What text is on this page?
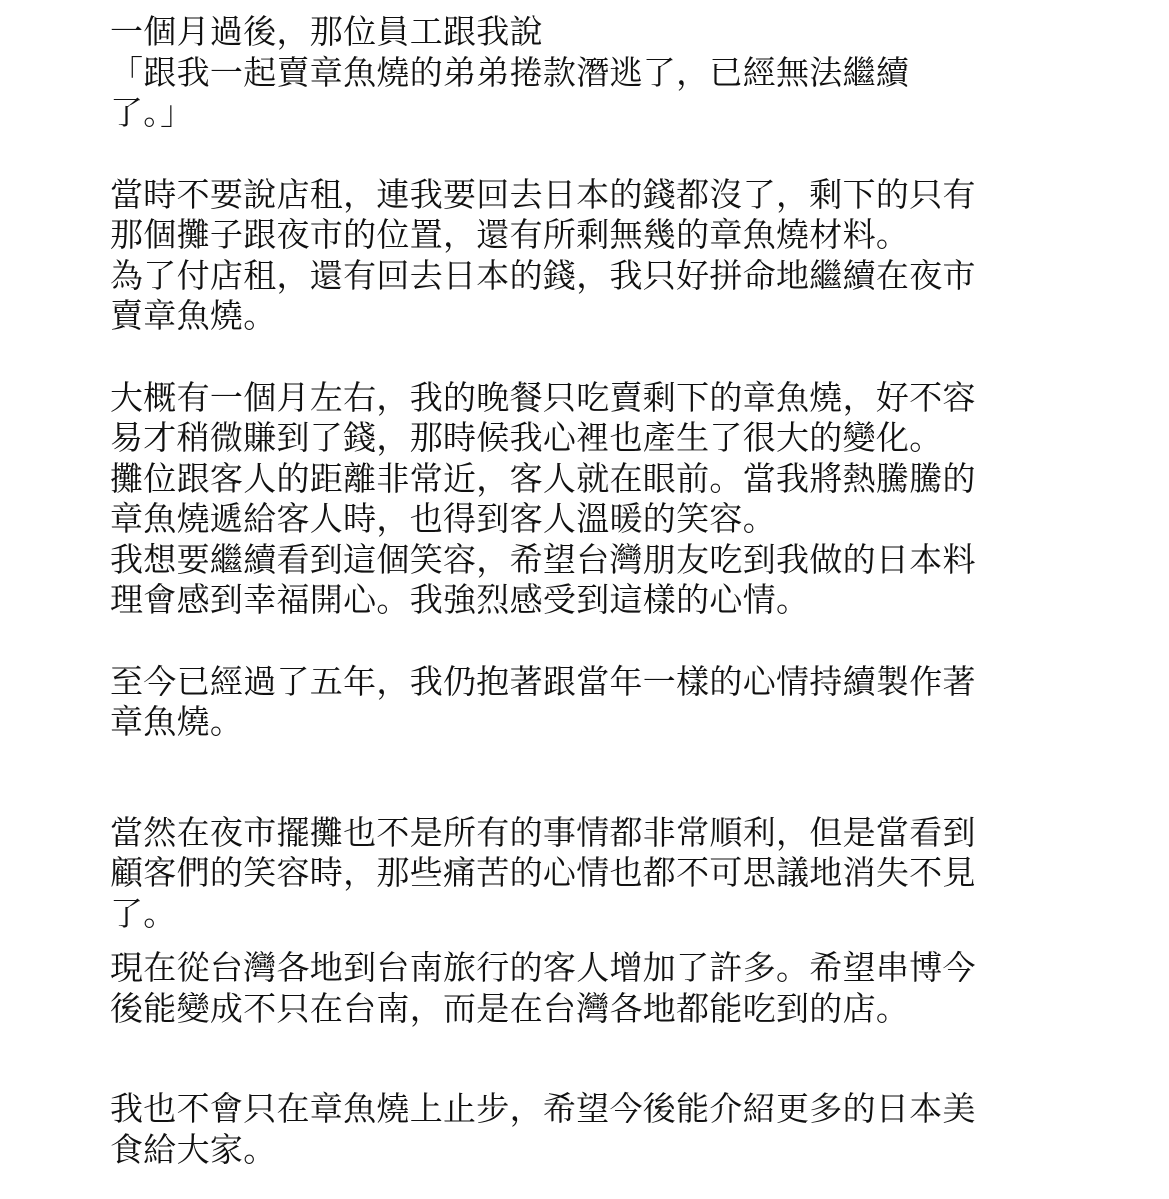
一個月過後，那位員工跟我說
「跟我一起賣章魚燒的弟弟捲款潛逃了，已經無法繼續
了。」
當時不要說店租，連我要回去日本的錢都沒了，剩下的只有
那個攤子跟夜市的位置，還有所剩無幾的章魚燒材料。
為了付店租，還有回去日本的錢，我只好拼命地繼續在夜市
賣章魚燒。
大概有一個月左右，我的晚餐只吃賣剩下的章魚燒，好不容
易才稍微賺到了錢，那時候我心裡也產生了很大的變化。
攤位跟客人的距離非常近，客人就在眼前。當我將熱騰騰的
章魚燒遞給客人時，也得到客人溫暖的笑容。
我想要繼續看到這個笑容，希望台灣朋友吃到我做的日本料
理會感到幸福開心。我強烈感受到這樣的心情。
至今已經過了五年，我仍抱著跟當年一樣的心情持續製作著
章魚燒。
當然在夜市擺攤也不是所有的事情都非常順利，但是當看到
顧客們的笑容時，那些痛苦的心情也都不可思議地消失不見
了。
現在從台灣各地到台南旅行的客人增加了許多。希望串博今
後能變成不只在台南，而是在台灣各地都能吃到的店。
我也不會只在章魚燒上止步，希望今後能介紹更多的日本美
食給大家。
